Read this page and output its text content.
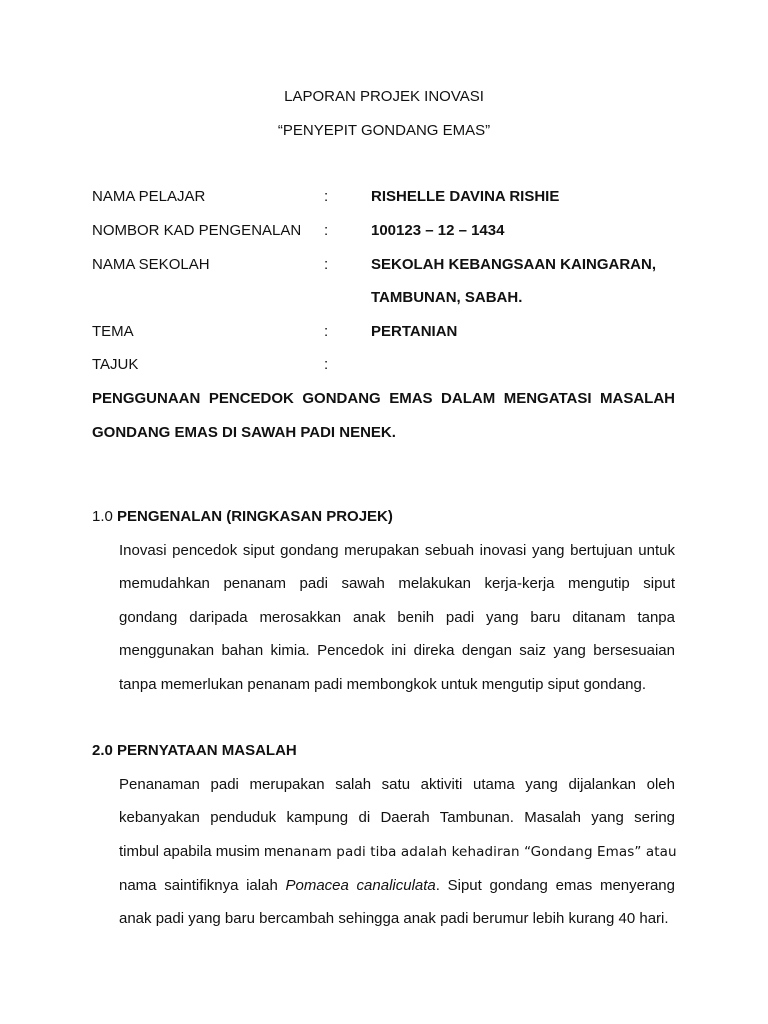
LAPORAN PROJEK INOVASI
“PENYEPIT GONDANG EMAS”
NAMA PELAJAR	:	RISHELLE DAVINA RISHIE
NOMBOR KAD PENGENALAN :	100123 – 12 – 1434
NAMA SEKOLAH	:	SEKOLAH KEBANGSAAN KAINGARAN,
TAMBUNAN, SABAH.
TEMA	:	PERTANIAN
TAJUK	:
PENGGUNAAN PENCEDOK GONDANG EMAS DALAM MENGATASI MASALAH
GONDANG EMAS DI SAWAH PADI NENEK.
1.0 PENGENALAN (RINGKASAN PROJEK)
Inovasi pencedok siput gondang merupakan sebuah inovasi yang bertujuan untuk
memudahkan penanam padi sawah melakukan kerja-kerja mengutip siput
gondang daripada merosakkan anak benih padi yang baru ditanam tanpa
menggunakan bahan kimia. Pencedok ini direka dengan saiz yang bersesuaian
tanpa memerlukan penanam padi membongkok untuk mengutip siput gondang.
2.0 PERNYATAAN MASALAH
Penanaman padi merupakan salah satu aktiviti utama yang dijalankan oleh
kebanyakan penduduk kampung di Daerah Tambunan. Masalah yang sering
timbul apabila musim menanam padi tiba adalah kehadiran “Gondang Emas” atau
nama saintifiknya ialah Pomacea canaliculata. Siput gondang emas menyerang
anak padi yang baru bercambah sehingga anak padi berumur lebih kurang 40 hari.
